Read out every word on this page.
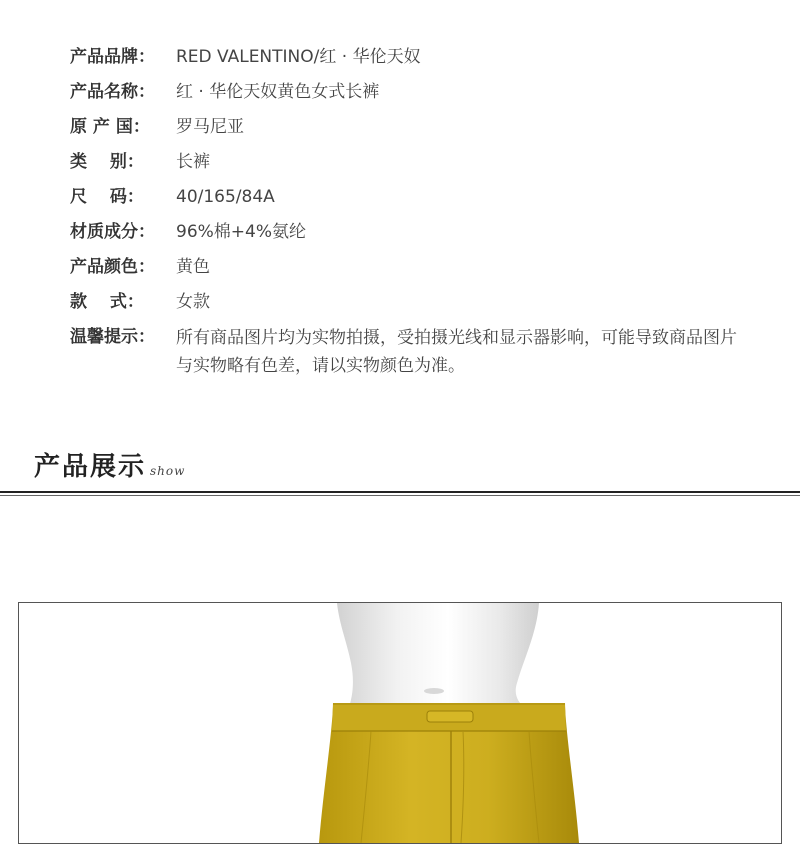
产品品牌：	RED VALENTINO/红 · 华伦天奴
产品名称：	红 · 华伦天奴黄色女式长裤
原 产 国：	罗马尼亚
类　 别：	长裤
尺　 码：	40/165/84A
材质成分：	96%棉+4%氨纶
产品颜色：	黄色
款　 式：	女款
温馨提示：	所有商品图片均为实物拍摄，受拍摄光线和显示器影响，可能导致商品图片与实物略有色差，请以实物颜色为准。
产品展示 show
